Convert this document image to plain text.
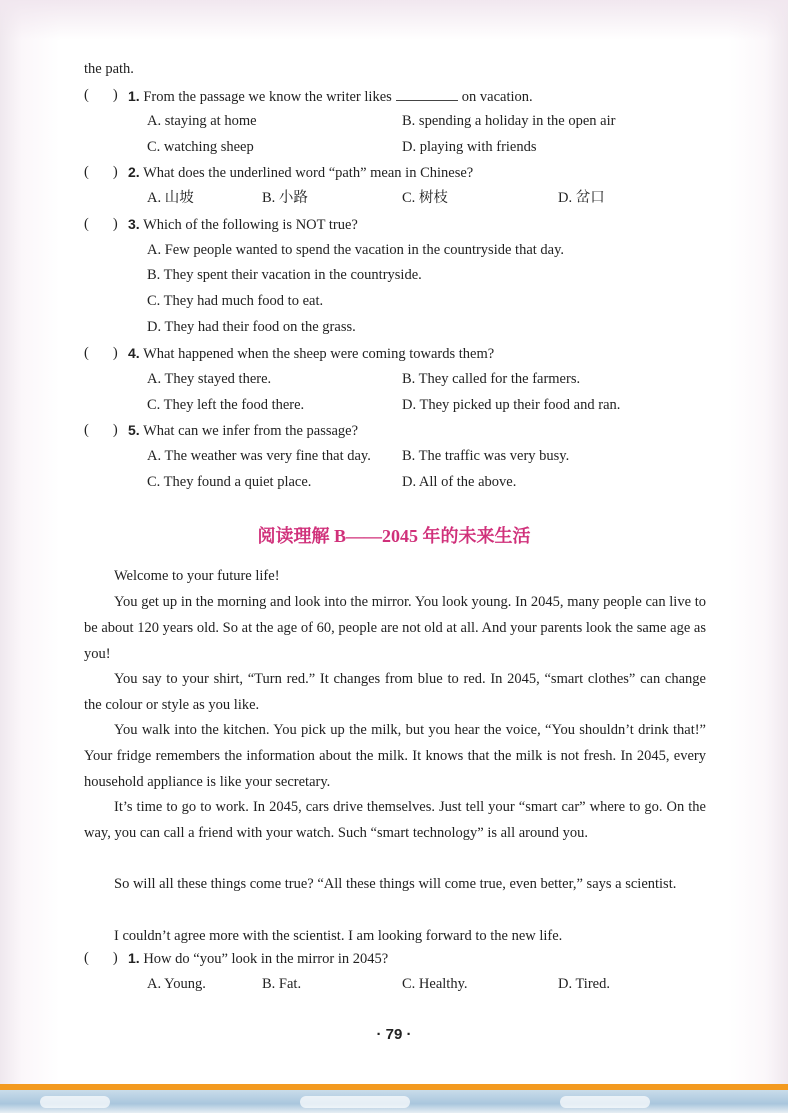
the path.
( ) 1. From the passage we know the writer likes	on vacation.
A. staying at home	B. spending a holiday in the open air
C. watching sheep	D. playing with friends
( ) 2. What does the underlined word “path” mean in Chinese?
A. 山坡	B. 小路	C. 树枝	D. 岔口
( ) 3. Which of the following is NOT true?
A. Few people wanted to spend the vacation in the countryside that day.
B. They spent their vacation in the countryside.
C. They had much food to eat.
D. They had their food on the grass.
( ) 4. What happened when the sheep were coming towards them?
A. They stayed there.	B. They called for the farmers.
C. They left the food there.	D. They picked up their food and ran.
( ) 5. What can we infer from the passage?
A. The weather was very fine that day. B. The traffic was very busy.
C. They found a quiet place.	D. All of the above.
阅读理解 B——2045 年的未来生活

Welcome to your future life!

You get up in the morning and look into the mirror. You look young. In 2045, many people can live to be about 120 years old. So at the age of 60, people are not old at all. And your parents look the same age as you!

You say to your shirt, “Turn red.” It changes from blue to red. In 2045, “smart clothes” can change the colour or style as you like.

You walk into the kitchen. You pick up the milk, but you hear the voice, “You shouldn’t drink that!” Your fridge remembers the information about the milk. It knows that the milk is not fresh. In 2045, every household appliance is like your secretary.

It’s time to go to work. In 2045, cars drive themselves. Just tell your “smart car” where to go. On the way, you can call a friend with your watch. Such “smart technology” is all around you.

So will all these things come true? “All these things will come true, even better,” says a scientist.

I couldn’t agree more with the scientist. I am looking forward to the new life.

( ) 1. How do “you” look in the mirror in 2045?
A. Young.	B. Fat.	C. Healthy.	D. Tired.
· 79 ·
